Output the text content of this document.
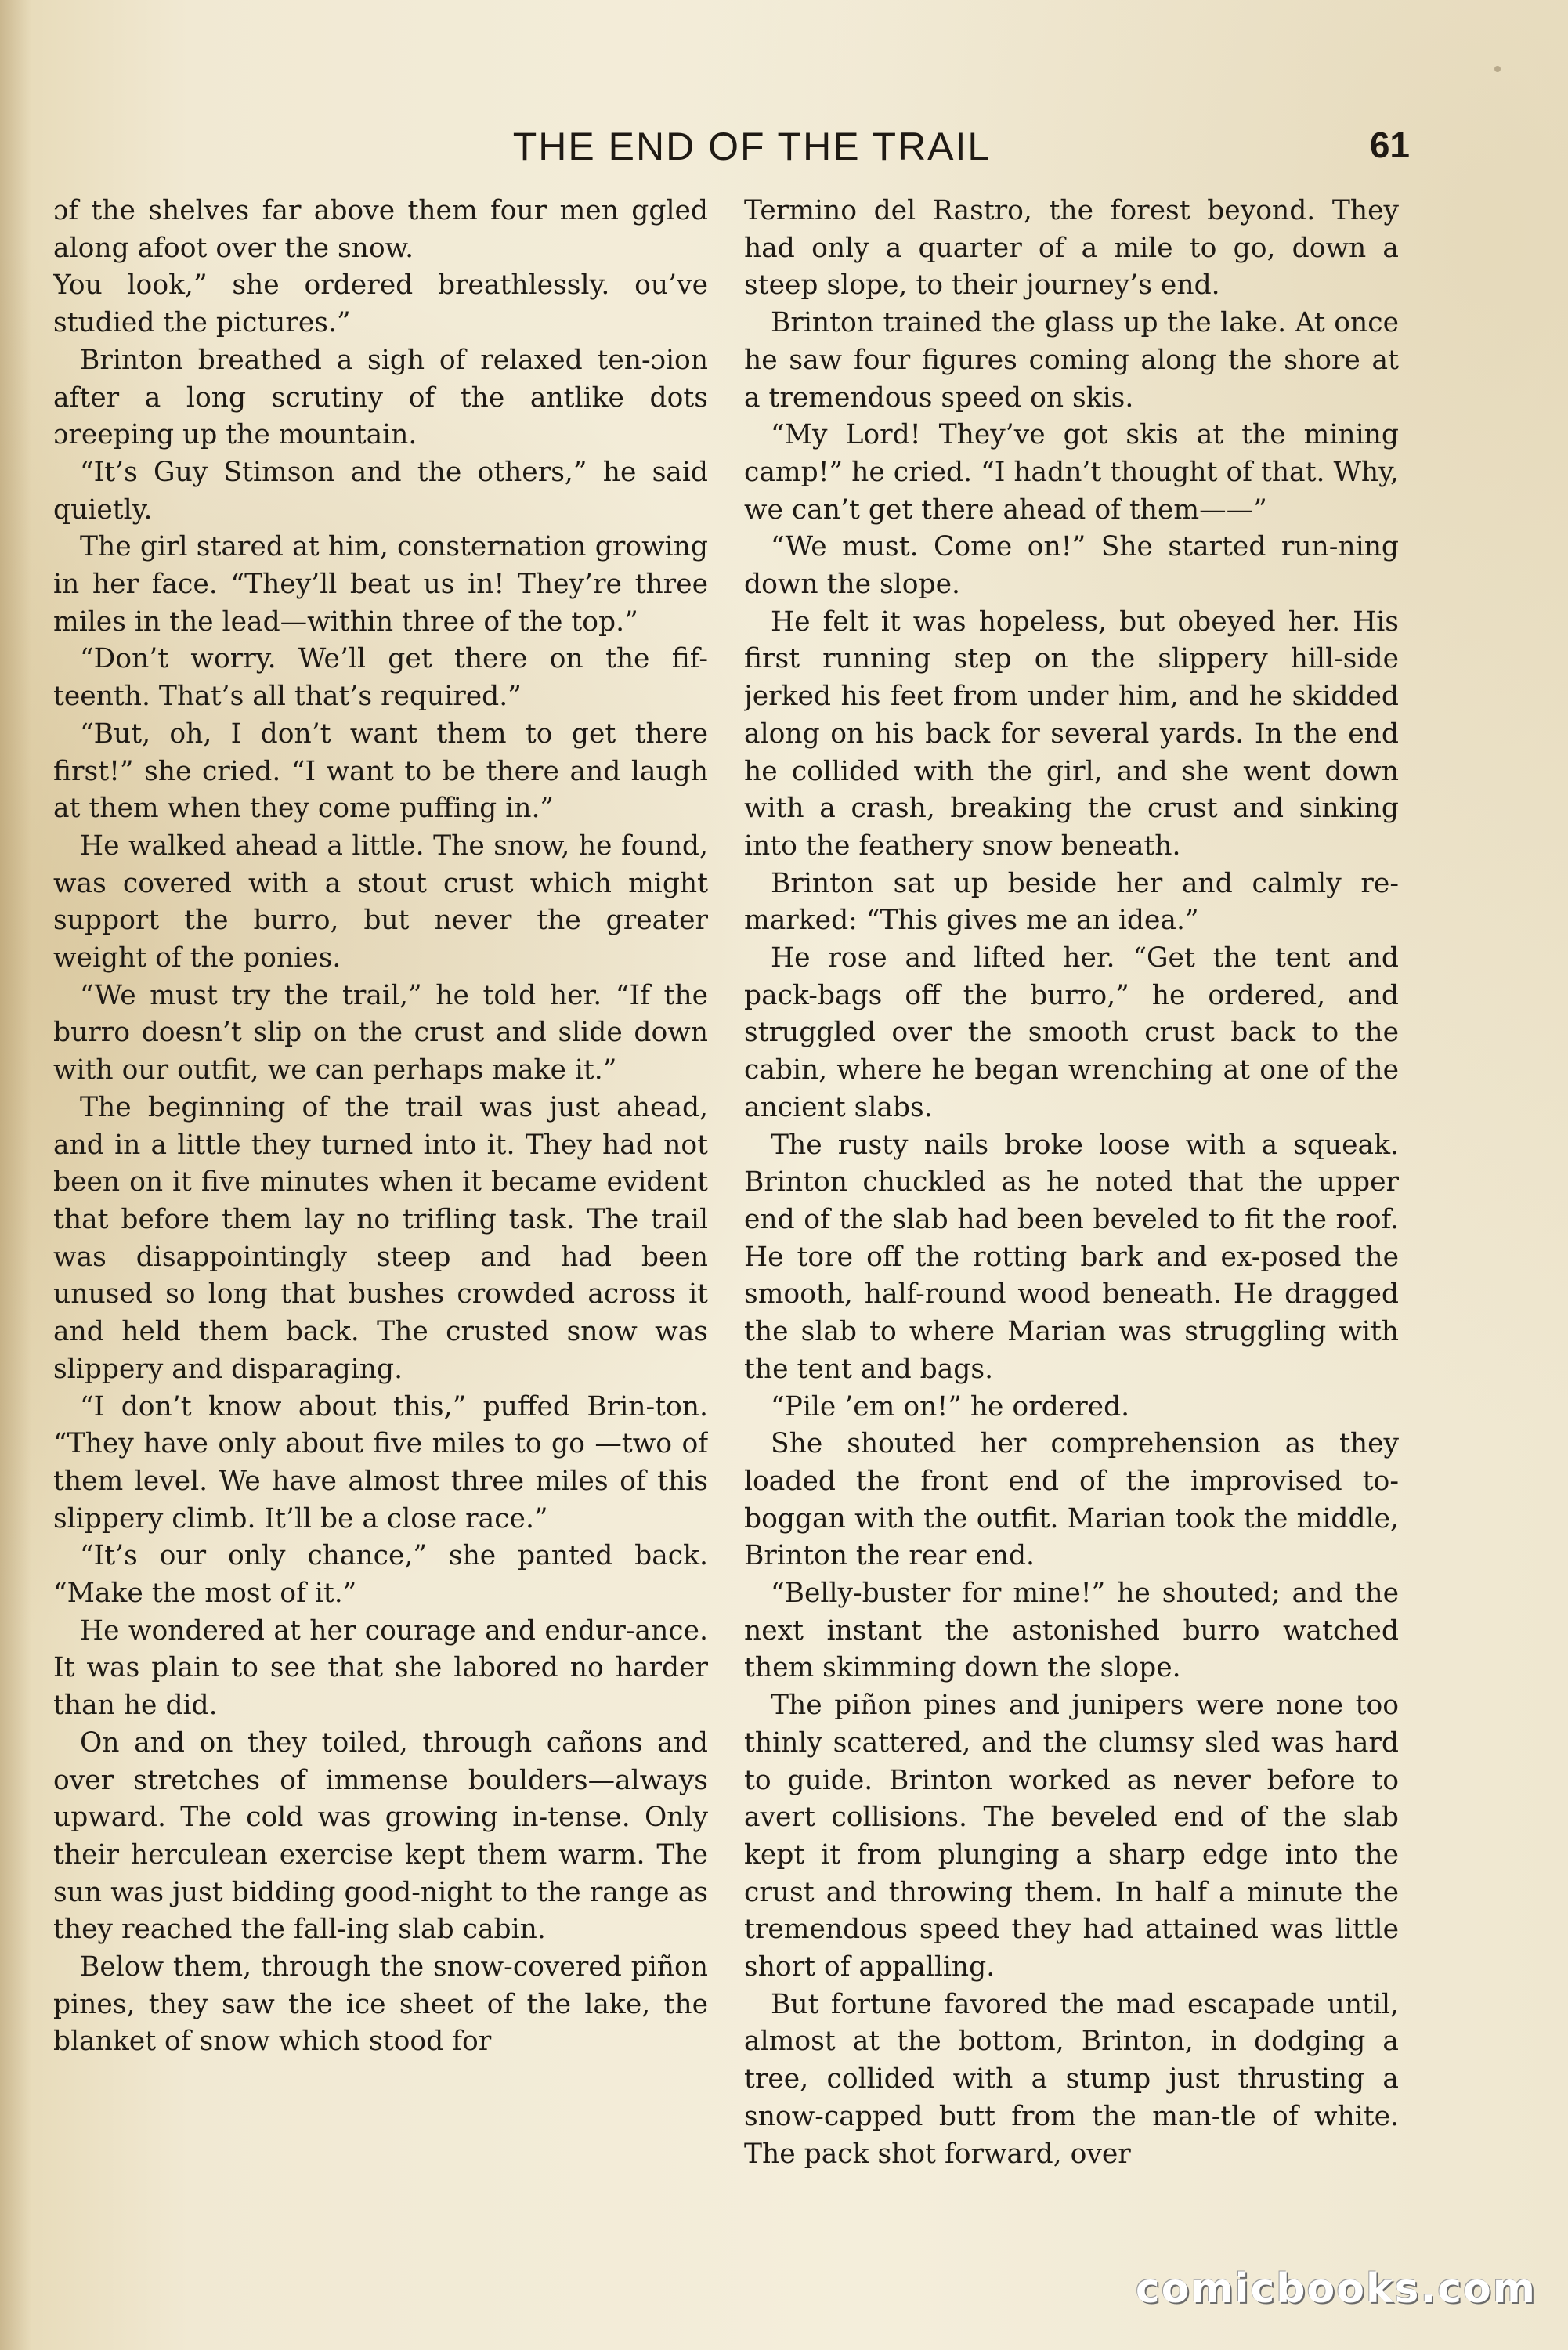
THE END OF THE TRAIL	61

ɔf the shelves far above them four men ggled along afoot over the snow.

You look,” she ordered breathlessly. ou’ve studied the pictures.”

Brinton breathed a sigh of relaxed ten-ɔion after a long scrutiny of the antlike dots ɔreeping up the mountain.

“It’s Guy Stimson and the others,” he said quietly.

The girl stared at him, consternation growing in her face. “They’ll beat us in! They’re three miles in the lead—within three of the top.”

“Don’t worry. We’ll get there on the fif-teenth. That’s all that’s required.”

“But, oh, I don’t want them to get there first!” she cried. “I want to be there and laugh at them when they come puffing in.”

He walked ahead a little. The snow, he found, was covered with a stout crust which might support the burro, but never the greater weight of the ponies.

“We must try the trail,” he told her. “If the burro doesn’t slip on the crust and slide down with our outfit, we can perhaps make it.”

The beginning of the trail was just ahead, and in a little they turned into it. They had not been on it five minutes when it became evident that before them lay no trifling task. The trail was disappointingly steep and had been unused so long that bushes crowded across it and held them back. The crusted snow was slippery and disparaging.

“I don’t know about this,” puffed Brin-ton. “They have only about five miles to go —two of them level. We have almost three miles of this slippery climb. It’ll be a close race.”

“It’s our only chance,” she panted back. “Make the most of it.”

He wondered at her courage and endur-ance. It was plain to see that she labored no harder than he did.

On and on they toiled, through cañons and over stretches of immense boulders—always upward. The cold was growing in-tense. Only their herculean exercise kept them warm. The sun was just bidding good-night to the range as they reached the fall-ing slab cabin.

Below them, through the snow-covered piñon pines, they saw the ice sheet of the lake, the blanket of snow which stood for

Termino del Rastro, the forest beyond. They had only a quarter of a mile to go, down a steep slope, to their journey’s end.

Brinton trained the glass up the lake. At once he saw four figures coming along the shore at a tremendous speed on skis.

“My Lord! They’ve got skis at the mining camp!” he cried. “I hadn’t thought of that. Why, we can’t get there ahead of them——”

“We must. Come on!” She started run-ning down the slope.

He felt it was hopeless, but obeyed her. His first running step on the slippery hill-side jerked his feet from under him, and he skidded along on his back for several yards. In the end he collided with the girl, and she went down with a crash, breaking the crust and sinking into the feathery snow beneath.

Brinton sat up beside her and calmly re-marked: “This gives me an idea.”

He rose and lifted her. “Get the tent and pack-bags off the burro,” he ordered, and struggled over the smooth crust back to the cabin, where he began wrenching at one of the ancient slabs.

The rusty nails broke loose with a squeak. Brinton chuckled as he noted that the upper end of the slab had been beveled to fit the roof. He tore off the rotting bark and ex-posed the smooth, half-round wood beneath. He dragged the slab to where Marian was struggling with the tent and bags.

“Pile ’em on!” he ordered.

She shouted her comprehension as they loaded the front end of the improvised to-boggan with the outfit. Marian took the middle, Brinton the rear end.

“Belly-buster for mine!” he shouted; and the next instant the astonished burro watched them skimming down the slope.

The piñon pines and junipers were none too thinly scattered, and the clumsy sled was hard to guide. Brinton worked as never before to avert collisions. The beveled end of the slab kept it from plunging a sharp edge into the crust and throwing them. In half a minute the tremendous speed they had attained was little short of appalling.

But fortune favored the mad escapade until, almost at the bottom, Brinton, in dodging a tree, collided with a stump just thrusting a snow-capped butt from the man-tle of white. The pack shot forward, over

comicbooks.com
